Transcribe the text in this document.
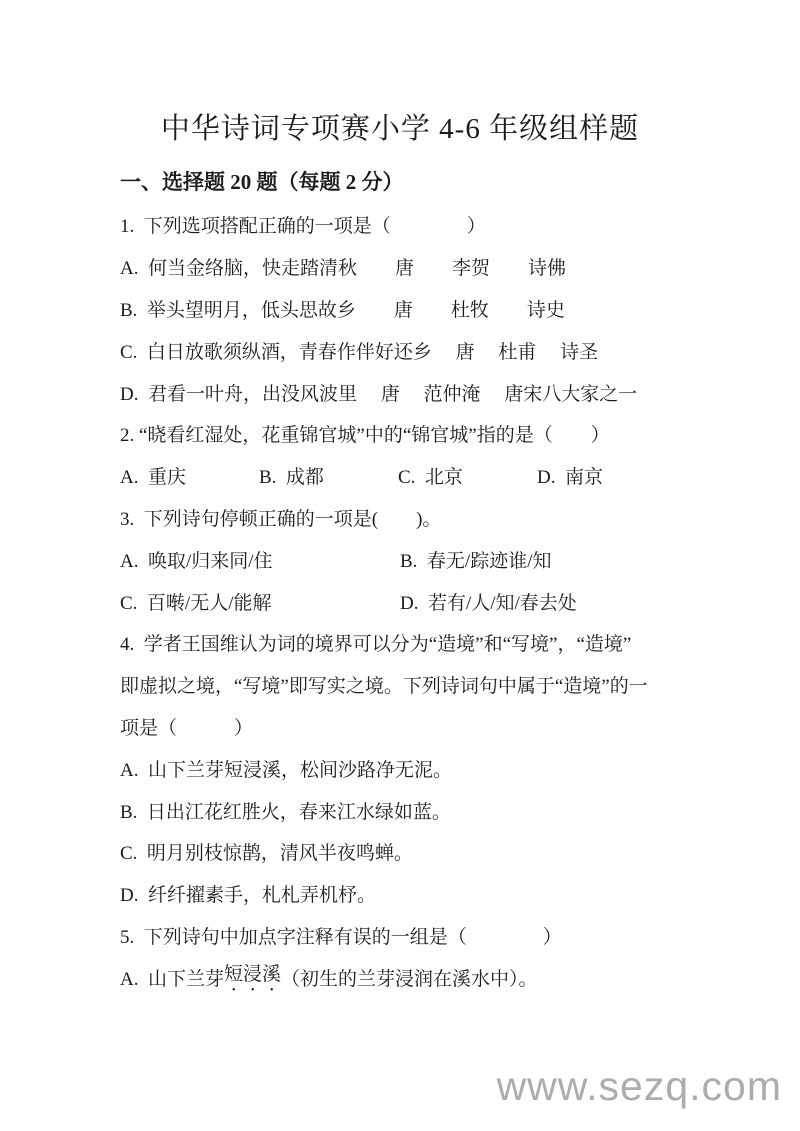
中华诗词专项赛小学 4-6 年级组样题
一、选择题 20 题（每题 2 分）
1.  下列选项搭配正确的一项是（　　　　）
A.  何当金络脑，快走踏清秋　　唐　　李贺　　诗佛
B.  举头望明月，低头思故乡　　唐　　杜牧　　诗史
C.  白日放歌须纵酒，青春作伴好还乡　 唐　 杜甫　 诗圣
D.  君看一叶舟，出没风波里　 唐　 范仲淹　 唐宋八大家之一
2. “晓看红湿处，花重锦官城”中的“锦官城”指的是（　　）
A.  重庆	B.  成都	C.  北京	D.  南京
3.  下列诗句停顿正确的一项是(　　)。
A.  唤取/归来同/住	B.  春无/踪迹谁/知
C.  百啭/无人/能解	D.  若有/人/知/春去处
4.  学者王国维认为词的境界可以分为“造境”和“写境”，“造境”
即虚拟之境，“写境”即写实之境。下列诗词句中属于“造境”的一
项是（　　　）
A.  山下兰芽短浸溪，松间沙路净无泥。
B.  日出江花红胜火，春来江水绿如蓝。
C.  明月别枝惊鹊，清风半夜鸣蝉。
D.  纤纤擢素手，札札弄机杼。
5.  下列诗句中加点字注释有误的一组是（　　　　）
A.  山下兰芽 短浸溪 （初生的兰芽浸润在溪水中）。
www.sezq.com
